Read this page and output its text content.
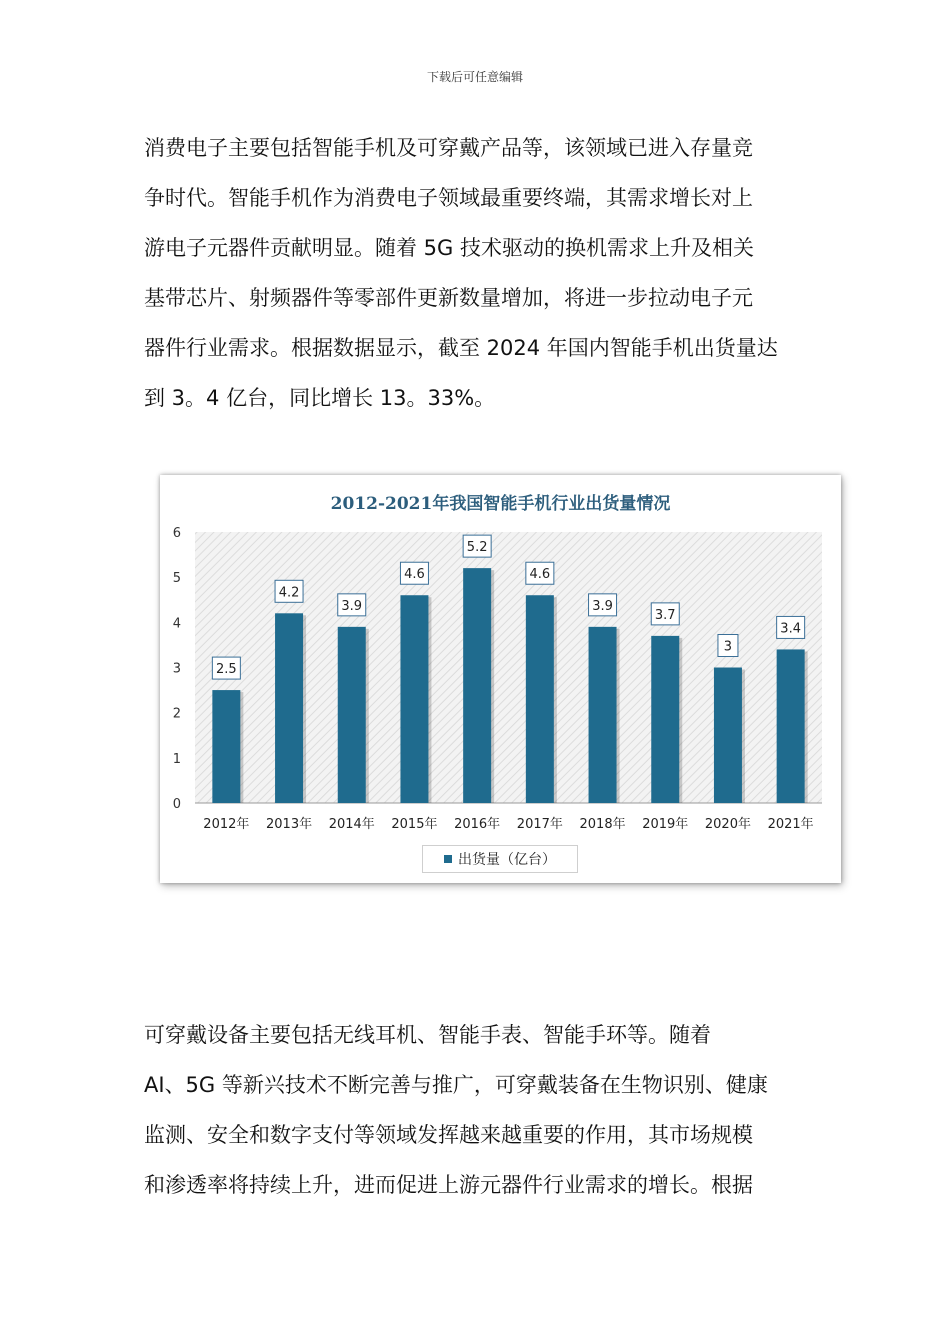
下载后可任意编辑
消费电子主要包括智能手机及可穿戴产品等，该领域已进入存量竞
争时代。智能手机作为消费电子领域最重要终端，其需求增长对上
游电子元器件贡献明显。随着 5G 技术驱动的换机需求上升及相关
基带芯片、射频器件等零部件更新数量增加，将进一步拉动电子元
器件行业需求。根据数据显示，截至 2024 年国内智能手机出货量达
到 3。4 亿台，同比增长 13。33%。
0
1
2
3
4
5
6
2.5
2012年
4.2
2013年
3.9
2014年
4.6
2015年
5.2
2016年
4.6
2017年
3.9
2018年
3.7
2019年
3
2020年
3.4
2021年
2012-2021年我国智能手机行业出货量情况
出货量（亿台）
可穿戴设备主要包括无线耳机、智能手表、智能手环等。随着
AI、5G 等新兴技术不断完善与推广，可穿戴装备在生物识别、健康
监测、安全和数字支付等领域发挥越来越重要的作用，其市场规模
和渗透率将持续上升，进而促进上游元器件行业需求的增长。根据
